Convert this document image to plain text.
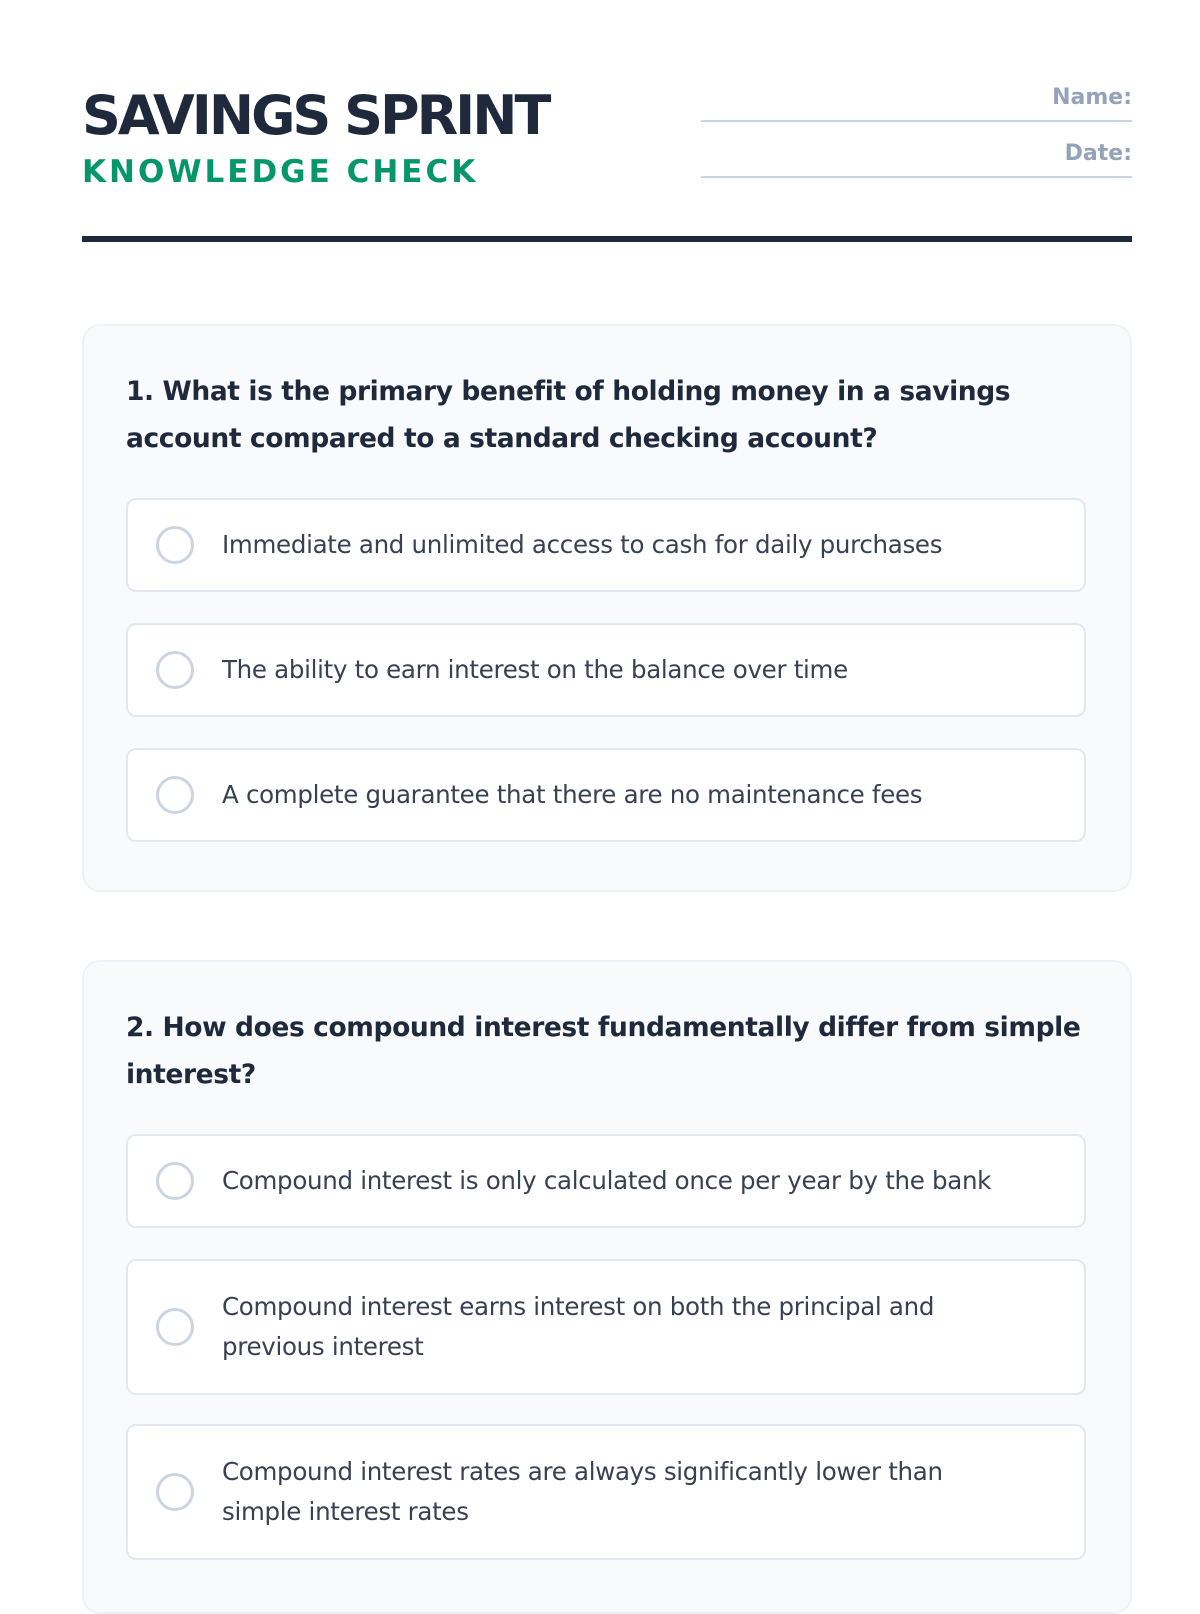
SAVINGS SPRINT
KNOWLEDGE CHECK
Name:
Date:

1. What is the primary benefit of holding money in a savings account compared to a standard checking account?

Immediate and unlimited access to cash for daily purchases
The ability to earn interest on the balance over time
A complete guarantee that there are no maintenance fees

2. How does compound interest fundamentally differ from simple interest?

Compound interest is only calculated once per year by the bank
Compound interest earns interest on both the principal and previous interest
Compound interest rates are always significantly lower than simple interest rates
